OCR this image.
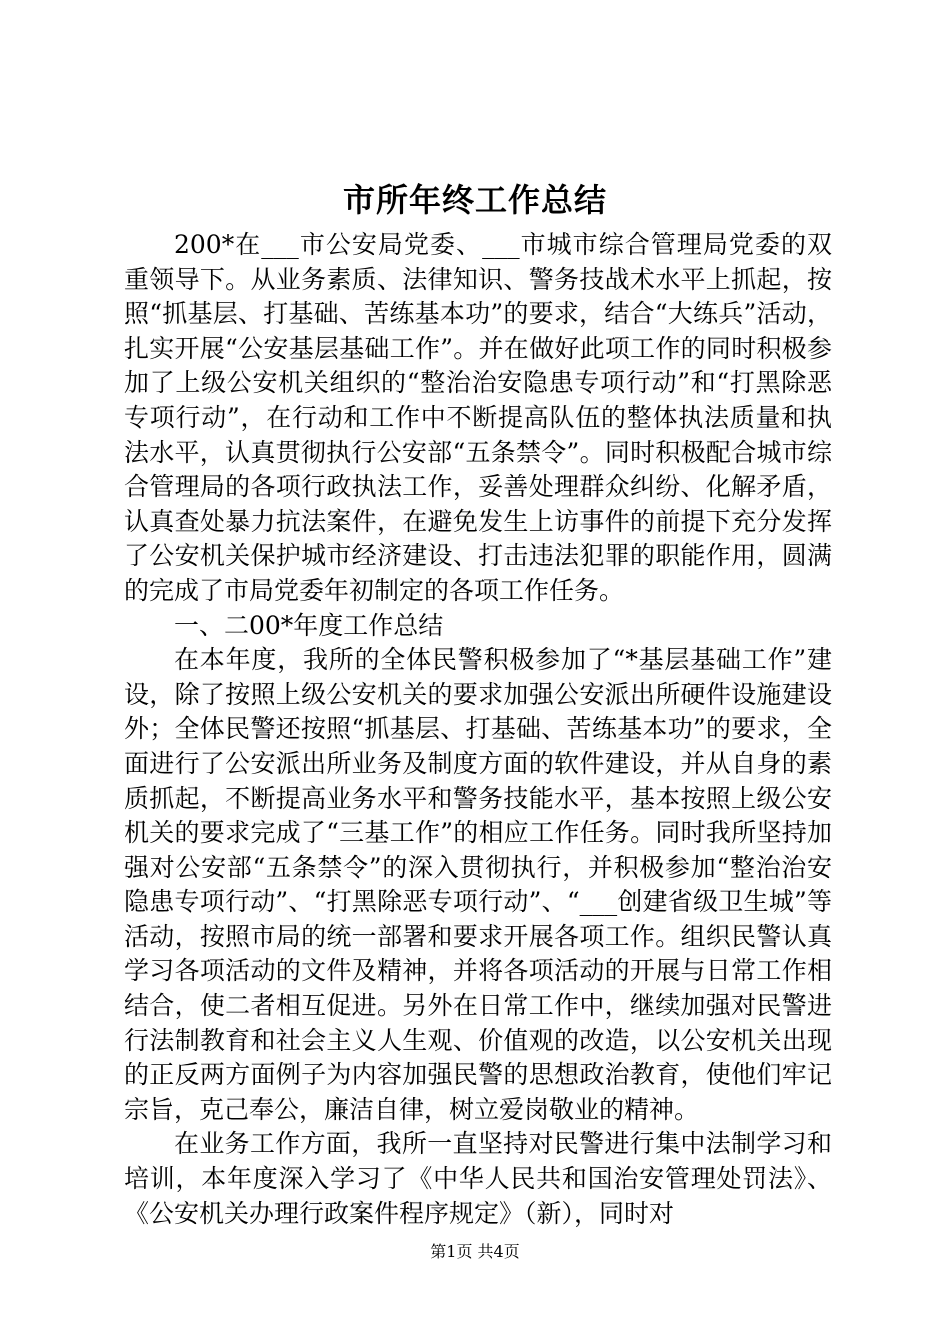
市所年终工作总结

200*在___市公安局党委、___市城市综合管理局党委的双重领导下。从业务素质、法律知识、警务技战术水平上抓起，按照“抓基层、打基础、苦练基本功”的要求，结合“大练兵”活动，扎实开展“公安基层基础工作”。并在做好此项工作的同时积极参加了上级公安机关组织的“整治治安隐患专项行动”和“打黑除恶专项行动”，在行动和工作中不断提高队伍的整体执法质量和执法水平，认真贯彻执行公安部“五条禁令”。同时积极配合城市综合管理局的各项行政执法工作，妥善处理群众纠纷、化解矛盾，认真查处暴力抗法案件，在避免发生上访事件的前提下充分发挥了公安机关保护城市经济建设、打击违法犯罪的职能作用，圆满的完成了市局党委年初制定的各项工作任务。

一、二00*年度工作总结

在本年度，我所的全体民警积极参加了“*基层基础工作”建设，除了按照上级公安机关的要求加强公安派出所硬件设施建设外；全体民警还按照“抓基层、打基础、苦练基本功”的要求，全面进行了公安派出所业务及制度方面的软件建设，并从自身的素质抓起，不断提高业务水平和警务技能水平，基本按照上级公安机关的要求完成了“三基工作”的相应工作任务。同时我所坚持加强对公安部“五条禁令”的深入贯彻执行，并积极参加“整治治安隐患专项行动”、“打黑除恶专项行动”、“___创建省级卫生城”等活动，按照市局的统一部署和要求开展各项工作。组织民警认真学习各项活动的文件及精神，并将各项活动的开展与日常工作相结合，使二者相互促进。另外在日常工作中，继续加强对民警进行法制教育和社会主义人生观、价值观的改造，以公安机关出现的正反两方面例子为内容加强民警的思想政治教育，使他们牢记宗旨，克己奉公，廉洁自律，树立爱岗敬业的精神。

在业务工作方面，我所一直坚持对民警进行集中法制学习和培训，本年度深入学习了《中华人民共和国治安管理处罚法》、《公安机关办理行政案件程序规定》（新），同时对

第1页 共4页
